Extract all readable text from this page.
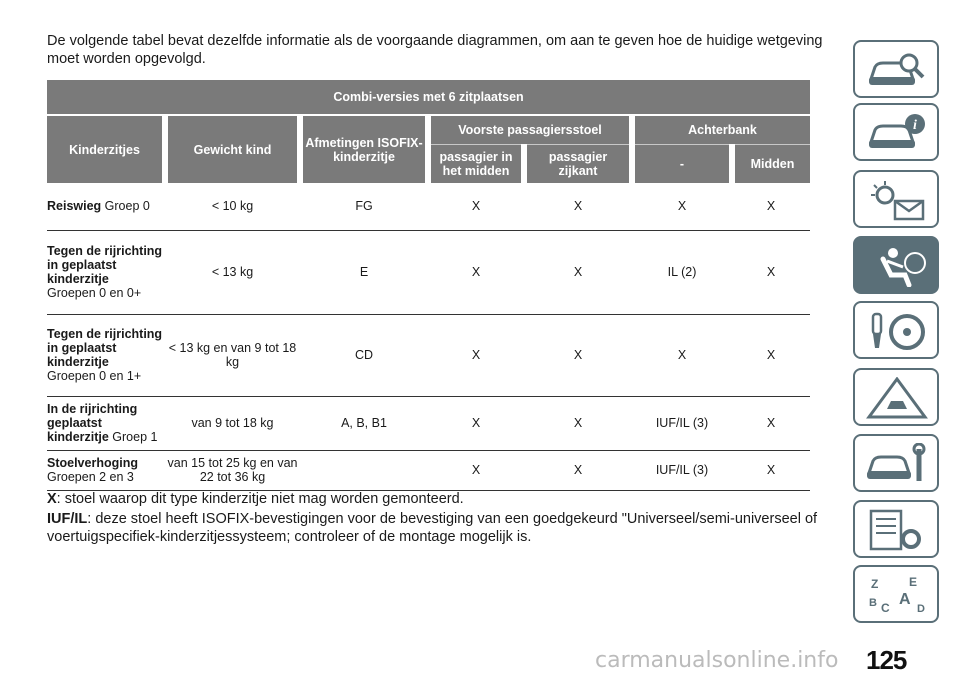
De volgende tabel bevat dezelfde informatie als de voorgaande diagrammen, om aan te geven hoe de huidige wetgeving moet worden opgevolgd.
Combi-versies met 6 zitplaatsen						
Kinderzitjes	Gewicht kind	Afmetingen ISOFIX-kinderzitje	Voorste passagiersstoel		Achterbank	
			passagier in het midden	passagier zijkant	-	Midden
Reiswieg Groep 0	< 10 kg	FG	X	X	X	X
Tegen de rijrichting in geplaatst kinderzitje
Groepen 0 en 0+	< 13 kg	E	X	X	IL (2)	X
Tegen de rijrichting in geplaatst kinderzitje
Groepen 0 en 1+	< 13 kg en van 9 tot 18 kg	CD	X	X	X	X
In de rijrichting geplaatst kinderzitje Groep 1	van 9 tot 18 kg	A, B, B1	X	X	IUF/IL (3)	X
Stoelverhoging
Groepen 2 en 3	van 15 tot 25 kg en van 22 tot 36 kg		X	X	IUF/IL (3)	X
X: stoel waarop dit type kinderzitje niet mag worden gemonteerd.
IUF/IL: deze stoel heeft ISOFIX-bevestigingen voor de bevestiging van een goedgekeurd "Universeel/semi-universeel of voertuigspecifiek-kinderzitjessysteem; controleer of de montage mogelijk is.
i
Z	E
B A
C D
carmanualsonline.info 125
